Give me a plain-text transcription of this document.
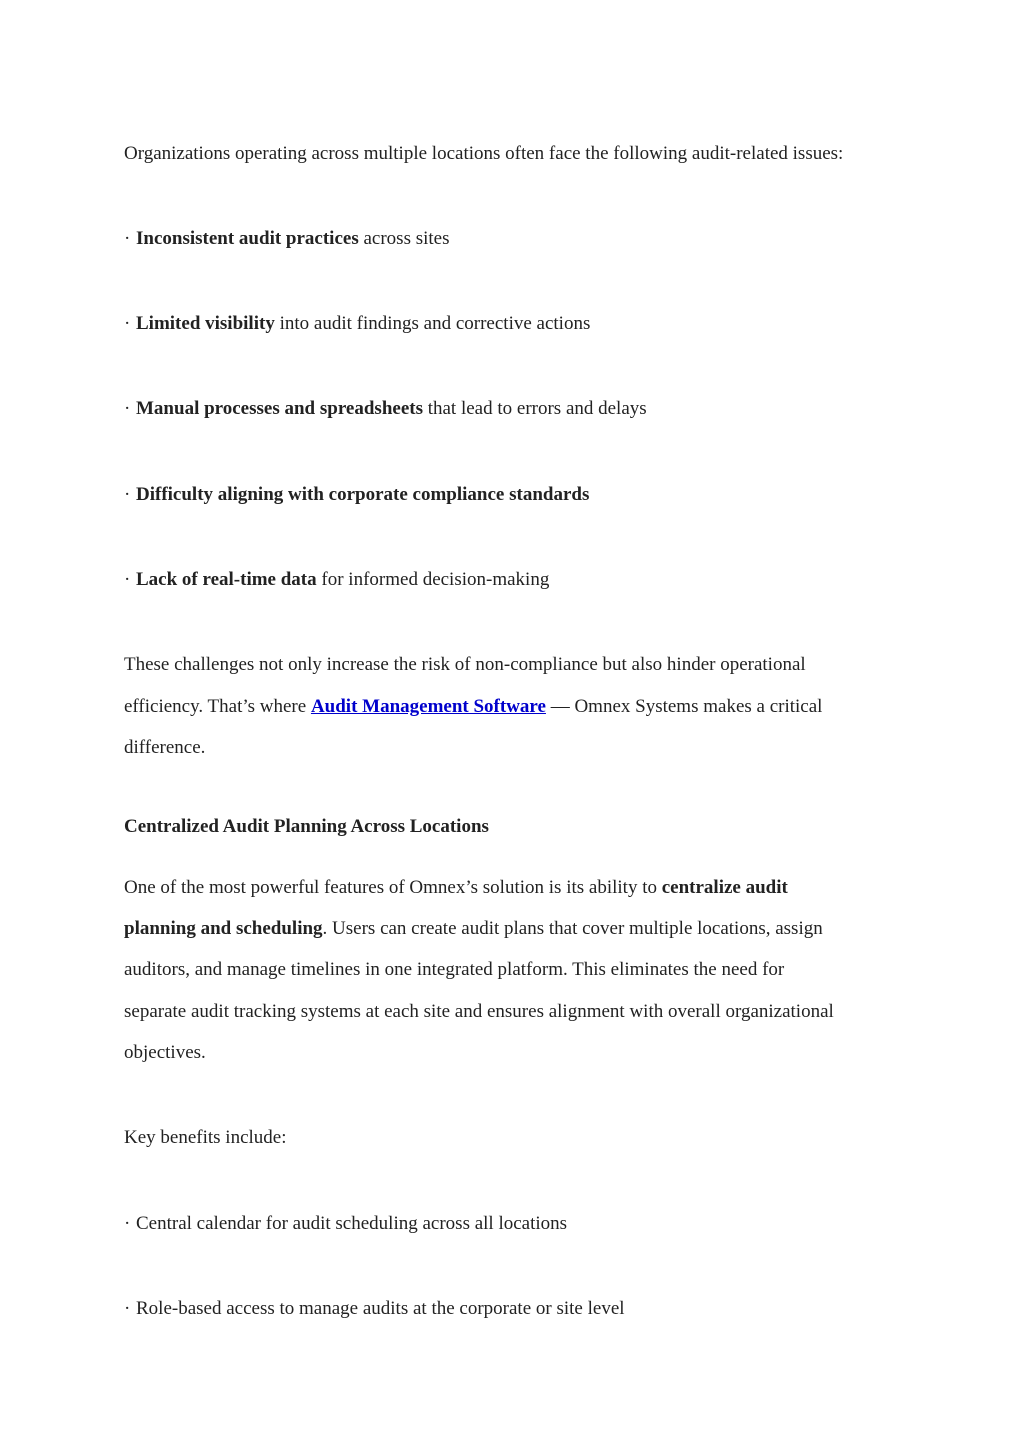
Organizations operating across multiple locations often face the following audit-related issues:
· Inconsistent audit practices across sites
· Limited visibility into audit findings and corrective actions
· Manual processes and spreadsheets that lead to errors and delays
· Difficulty aligning with corporate compliance standards
· Lack of real-time data for informed decision-making
These challenges not only increase the risk of non-compliance but also hinder operational
efficiency. That’s where Audit Management Software — Omnex Systems makes a critical
difference.
Centralized Audit Planning Across Locations
One of the most powerful features of Omnex’s solution is its ability to centralize audit
planning and scheduling. Users can create audit plans that cover multiple locations, assign
auditors, and manage timelines in one integrated platform. This eliminates the need for
separate audit tracking systems at each site and ensures alignment with overall organizational
objectives.
Key benefits include:
· Central calendar for audit scheduling across all locations
· Role-based access to manage audits at the corporate or site level
